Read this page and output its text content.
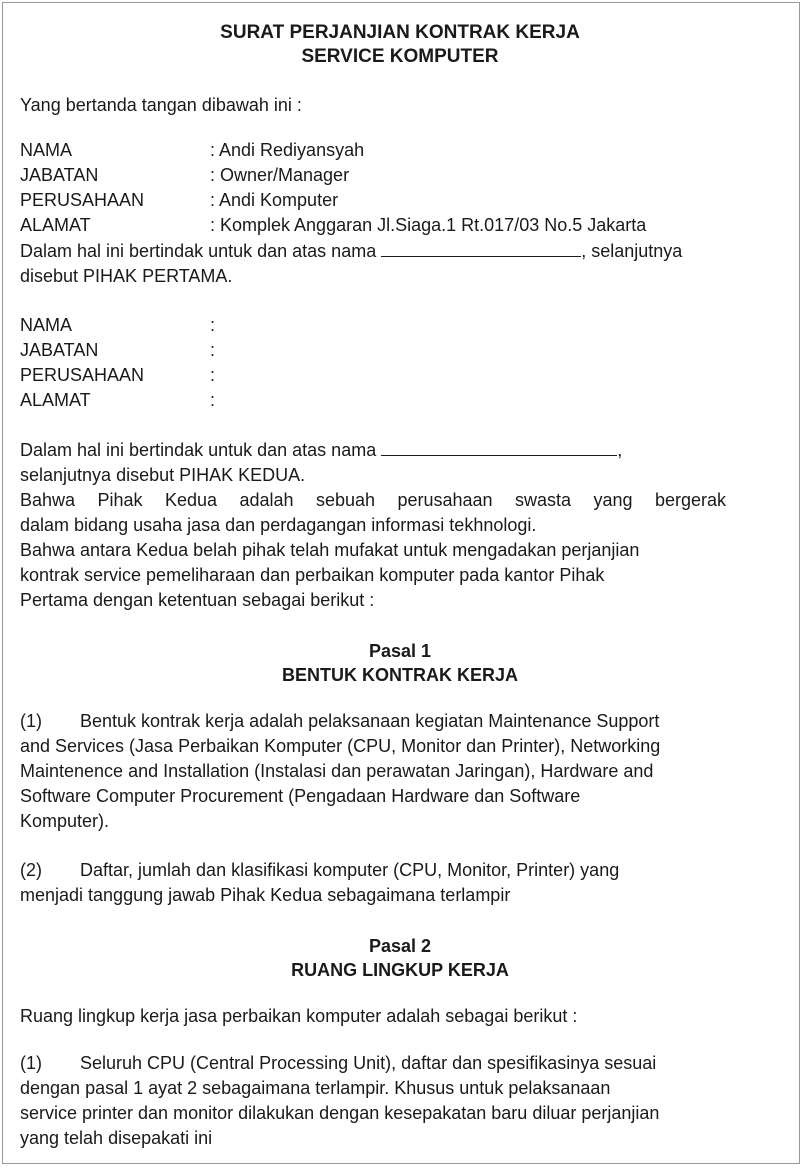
SURAT PERJANJIAN KONTRAK KERJA
SERVICE KOMPUTER
Yang bertanda tangan dibawah ini :
NAMA	: Andi Rediyansyah
JABATAN	: Owner/Manager
PERUSAHAAN	: Andi Komputer
ALAMAT	: Komplek Anggaran Jl.Siaga.1 Rt.017/03 No.5 Jakarta
Dalam hal ini bertindak untuk dan atas nama	, selanjutnya
disebut PIHAK PERTAMA.
NAMA	:
JABATAN	:
PERUSAHAAN	:
ALAMAT	:
Dalam hal ini bertindak untuk dan atas nama	,
selanjutnya disebut PIHAK KEDUA.
Bahwa Pihak Kedua adalah sebuah perusahaan swasta yang bergerak
dalam bidang usaha jasa dan perdagangan informasi tekhnologi.
Bahwa antara Kedua belah pihak telah mufakat untuk mengadakan perjanjian
kontrak service pemeliharaan dan perbaikan komputer pada kantor Pihak
Pertama dengan ketentuan sebagai berikut :
Pasal 1
BENTUK KONTRAK KERJA
(1) Bentuk kontrak kerja adalah pelaksanaan kegiatan Maintenance Support
and Services (Jasa Perbaikan Komputer (CPU, Monitor dan Printer), Networking
Maintenence and Installation (Instalasi dan perawatan Jaringan), Hardware and
Software Computer Procurement (Pengadaan Hardware dan Software
Komputer).
(2) Daftar, jumlah dan klasifikasi komputer (CPU, Monitor, Printer) yang
menjadi tanggung jawab Pihak Kedua sebagaimana terlampir
Pasal 2
RUANG LINGKUP KERJA
Ruang lingkup kerja jasa perbaikan komputer adalah sebagai berikut :
(1) Seluruh CPU (Central Processing Unit), daftar dan spesifikasinya sesuai
dengan pasal 1 ayat 2 sebagaimana terlampir. Khusus untuk pelaksanaan
service printer dan monitor dilakukan dengan kesepakatan baru diluar perjanjian
yang telah disepakati ini
